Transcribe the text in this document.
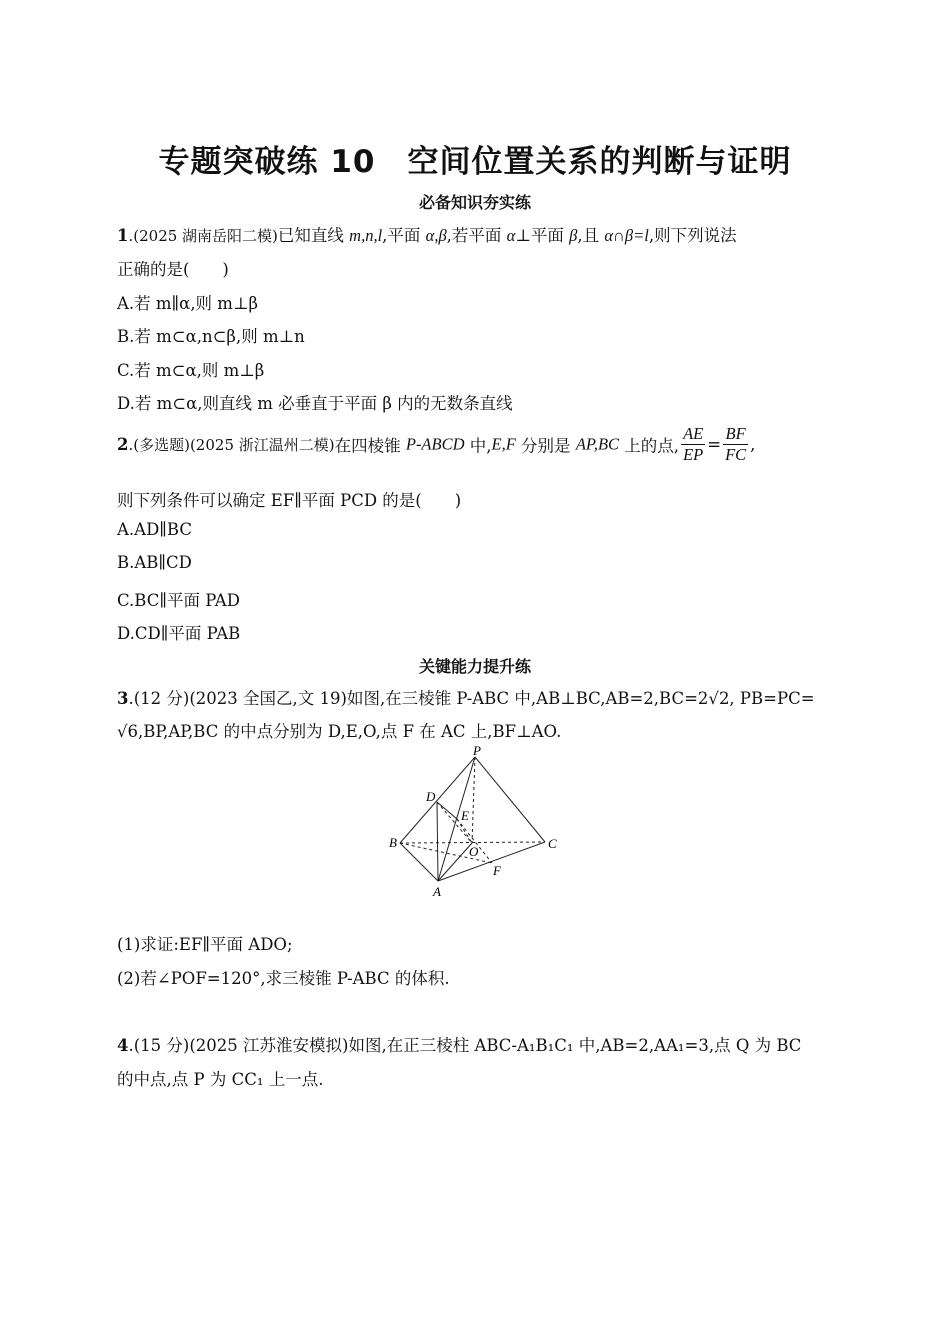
专题突破练 10　空间位置关系的判断与证明
必备知识夯实练
1.(2025 湖南岳阳二模)已知直线 m,n,l,平面 α,β,若平面 α⊥平面 β,且 α∩β=l,则下列说法
正确的是(　　)
A.若 m∥α,则 m⊥β
B.若 m⊂α,n⊂β,则 m⊥n
C.若 m⊂α,则 m⊥β
D.若 m⊂α,则直线 m 必垂直于平面 β 内的无数条直线
2.(多选题)(2025 浙江温州二模)在四棱锥 P-ABCD 中,E,F 分别是 AP,BC 上的点, $\frac{AE}{EP} = \frac{BF}{FC}$ ,
则下列条件可以确定 EF∥平面 PCD 的是(　　)
A.AD∥BC
B.AB∥CD
C.BC∥平面 PAD
D.CD∥平面 PAB
关键能力提升练
3.(12 分)(2023 全国乙,文 19)如图,在三棱锥 P-ABC 中,AB⊥BC,AB=2,BC=2√2, PB=PC=
√6,BP,AP,BC 的中点分别为 D,E,O,点 F 在 AC 上,BF⊥AO.
P
D
E
B
O
C
F
A
(1)求证:EF∥平面 ADO;
(2)若∠POF=120°,求三棱锥 P-ABC 的体积.
4.(15 分)(2025 江苏淮安模拟)如图,在正三棱柱 ABC-A₁B₁C₁ 中,AB=2,AA₁=3,点 Q 为 BC
的中点,点 P 为 CC₁ 上一点.
